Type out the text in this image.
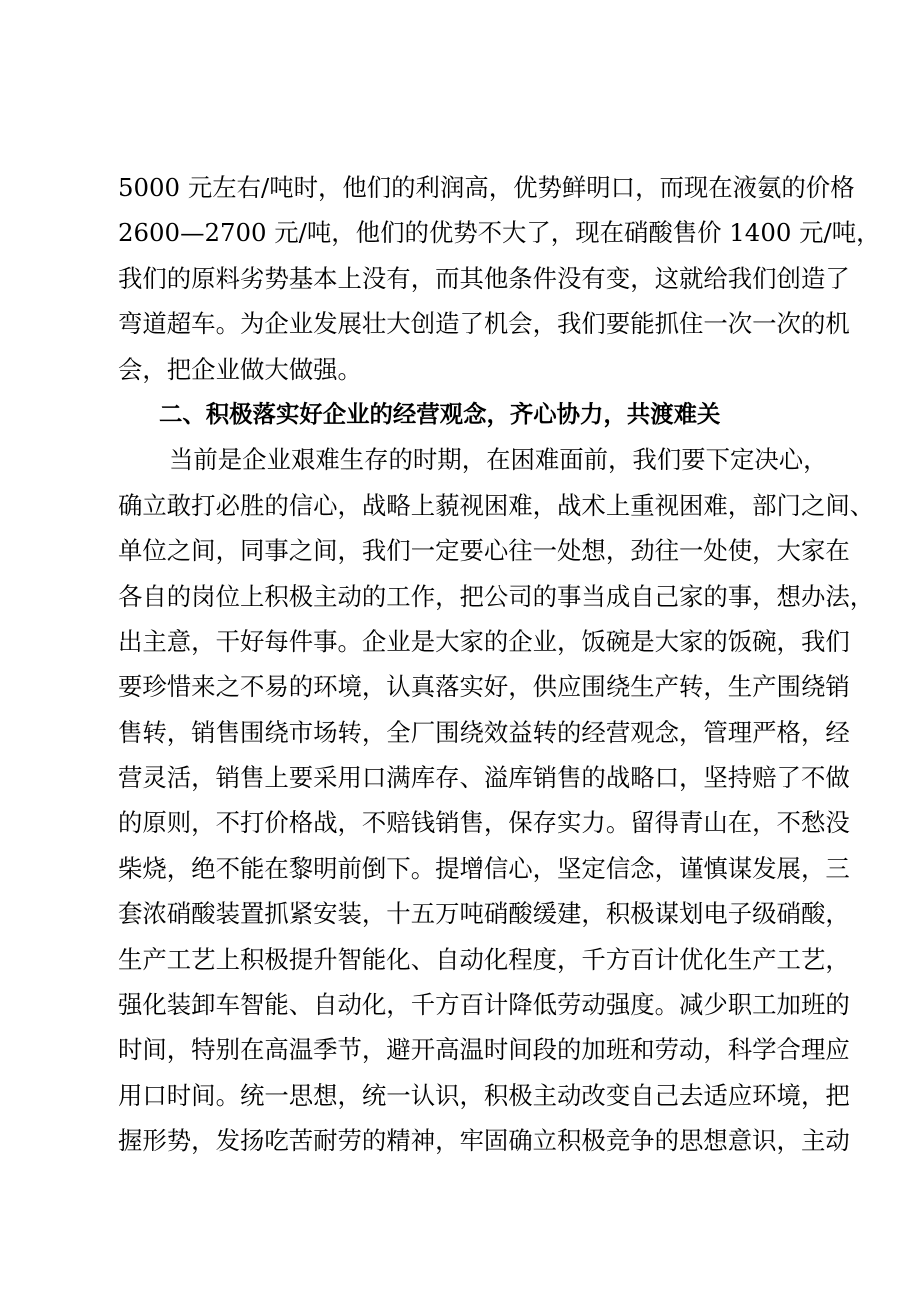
5000 元左右/吨时，他们的利润高，优势鲜明口，而现在液氨的价格

2600—2700 元/吨，他们的优势不大了，现在硝酸售价 1400 元/吨，

我们的原料劣势基本上没有，而其他条件没有变，这就给我们创造了

弯道超车。为企业发展壮大创造了机会，我们要能抓住一次一次的机

会，把企业做大做强。

二、积极落实好企业的经营观念，齐心协力，共渡难关

当前是企业艰难生存的时期，在困难面前，我们要下定决心，

确立敢打必胜的信心，战略上藐视困难，战术上重视困难，部门之间、

单位之间，同事之间，我们一定要心往一处想，劲往一处使，大家在

各自的岗位上积极主动的工作，把公司的事当成自己家的事，想办法，

出主意，干好每件事。企业是大家的企业，饭碗是大家的饭碗，我们

要珍惜来之不易的环境，认真落实好，供应围绕生产转，生产围绕销

售转，销售围绕市场转，全厂围绕效益转的经营观念，管理严格，经

营灵活，销售上要采用口满库存、溢库销售的战略口，坚持赔了不做

的原则，不打价格战，不赔钱销售，保存实力。留得青山在，不愁没

柴烧，绝不能在黎明前倒下。提增信心，坚定信念，谨慎谋发展，三

套浓硝酸装置抓紧安装，十五万吨硝酸缓建，积极谋划电子级硝酸，

生产工艺上积极提升智能化、自动化程度，千方百计优化生产工艺，

强化装卸车智能、自动化，千方百计降低劳动强度。减少职工加班的

时间，特别在高温季节，避开高温时间段的加班和劳动，科学合理应

用口时间。统一思想，统一认识，积极主动改变自己去适应环境，把

握形势，发扬吃苦耐劳的精神，牢固确立积极竞争的思想意识，主动
